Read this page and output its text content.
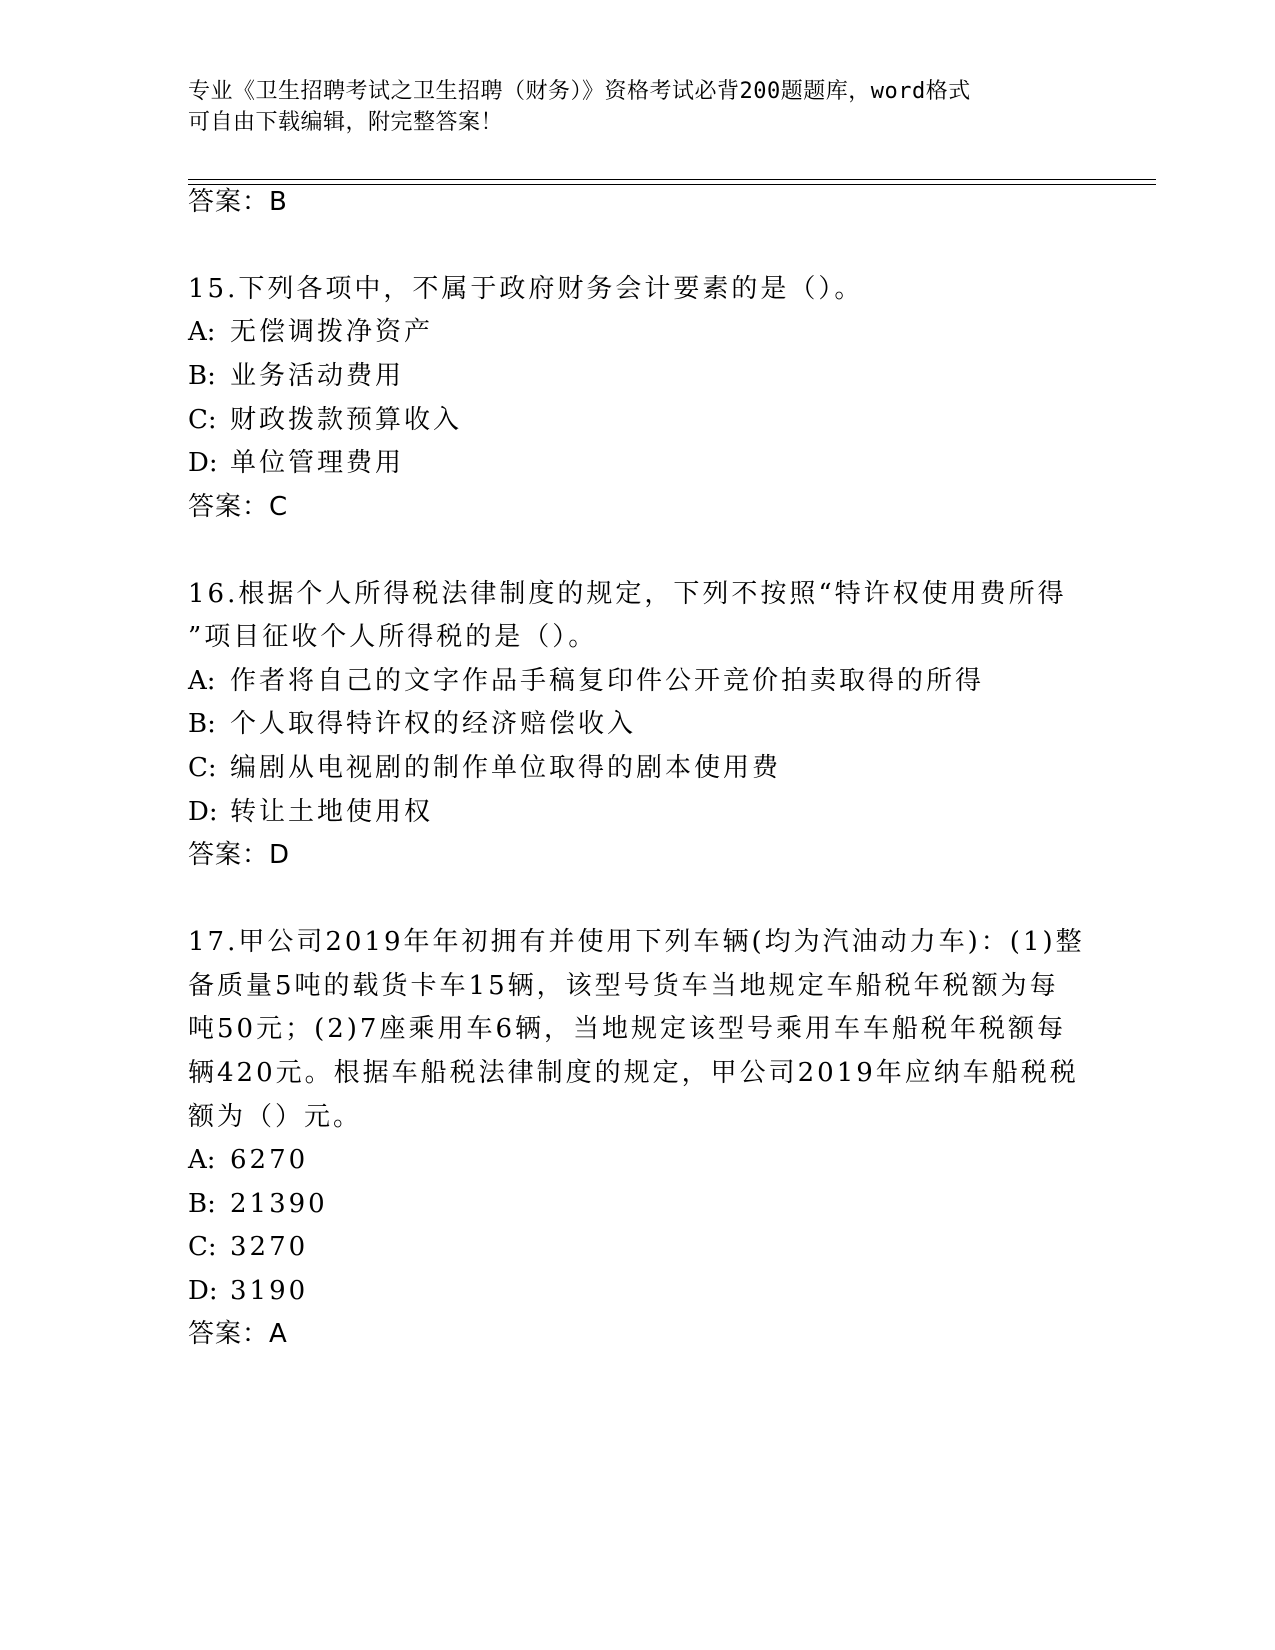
专业《卫生招聘考试之卫生招聘（财务）》资格考试必背200题题库，word格式
可自由下载编辑，附完整答案！
答案：B
15.下列各项中，不属于政府财务会计要素的是（）。
A: 无偿调拨净资产
B: 业务活动费用
C: 财政拨款预算收入
D: 单位管理费用
答案：C
16.根据个人所得税法律制度的规定，下列不按照“特许权使用费所得
”项目征收个人所得税的是（）。
A: 作者将自己的文字作品手稿复印件公开竞价拍卖取得的所得
B: 个人取得特许权的经济赔偿收入
C: 编剧从电视剧的制作单位取得的剧本使用费
D: 转让土地使用权
答案：D
17.甲公司2019年年初拥有并使用下列车辆(均为汽油动力车)：(1)整
备质量5吨的载货卡车15辆，该型号货车当地规定车船税年税额为每
吨50元；(2)7座乘用车6辆，当地规定该型号乘用车车船税年税额每
辆420元。根据车船税法律制度的规定，甲公司2019年应纳车船税税
额为（）元。
A: 6270
B: 21390
C: 3270
D: 3190
答案：A
